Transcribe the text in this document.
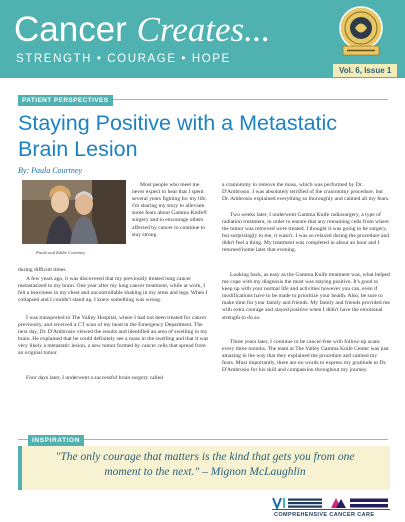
Cancer Creates...
STRENGTH • COURAGE • HOPE
Vol. 6, Issue 1
PATIENT PERSPECTIVES
Staying Positive with a Metastatic Brain Lesion
By: Paula Courtney
Paula and Eddie Courtney
Most people who meet me never expect to hear that I spent several years fighting for my life. I'm sharing my story to alleviate some fears about Gamma Knife® surgery and to encourage others affected by cancer to continue to stay strong
during difficult times.
A few years ago, it was discovered that my previously treated lung cancer metastasized to my brain. One year after my lung cancer treatment, while at work, I felt a heaviness in my chest and uncontrollable shaking in my arms and legs. When I collapsed and I couldn't stand up, I knew something was wrong.
I was transported to The Valley Hospital, where I had not been treated for cancer previously, and received a CT scan of my head in the Emergency Department. The next day, Dr. D'Ambrosio viewed the results and identified an area of swelling in my brain. He explained that he could definitely see a mass in the swelling and that it was very likely a metastatic lesion, a new tumor formed by cancer cells that spread from an original tumor.
Four days later, I underwent a successful brain surgery called
a craniotomy to remove the mass, which was performed by Dr. D'Ambrosio. I was absolutely terrified of the craniotomy procedure, but Dr. Ambrosio explained everything so thoroughly and calmed all my fears.
Two weeks later, I underwent Gamma Knife radiosurgery, a type of radiation treatment, in order to ensure that any remaining cells from where the tumor was removed were treated. I thought it was going to be surgery, but surprisingly to me, it wasn't. I was so relaxed during the procedure and didn't feel a thing. My treatment was completed in about an hour and I returned home later that evening.
Looking back, as easy as the Gamma Knife treatment was, what helped me cope with my diagnosis the most was staying positive. It's good to keep up with your normal life and activities however you can, even if modifications have to be made to prioritize your health. Also, be sure to make time for your family and friends. My family and friends provided me with extra courage and stayed positive when I didn't have the emotional strength to do so.
Three years later, I continue to be cancer-free with follow-up scans every three months. The team at The Valley Gamma Knife Center was just amazing in the way that they explained the procedure and calmed my fears. Most importantly, there are no words to express my gratitude to Dr. D'Ambrosio for his skill and compassion throughout my journey.
INSPIRATION
"The only courage that matters is the kind that gets you from one
moment to the next." – Mignon McLaughlin
Valley Health System	Mount Sinai
COMPREHENSIVE CANCER CARE
